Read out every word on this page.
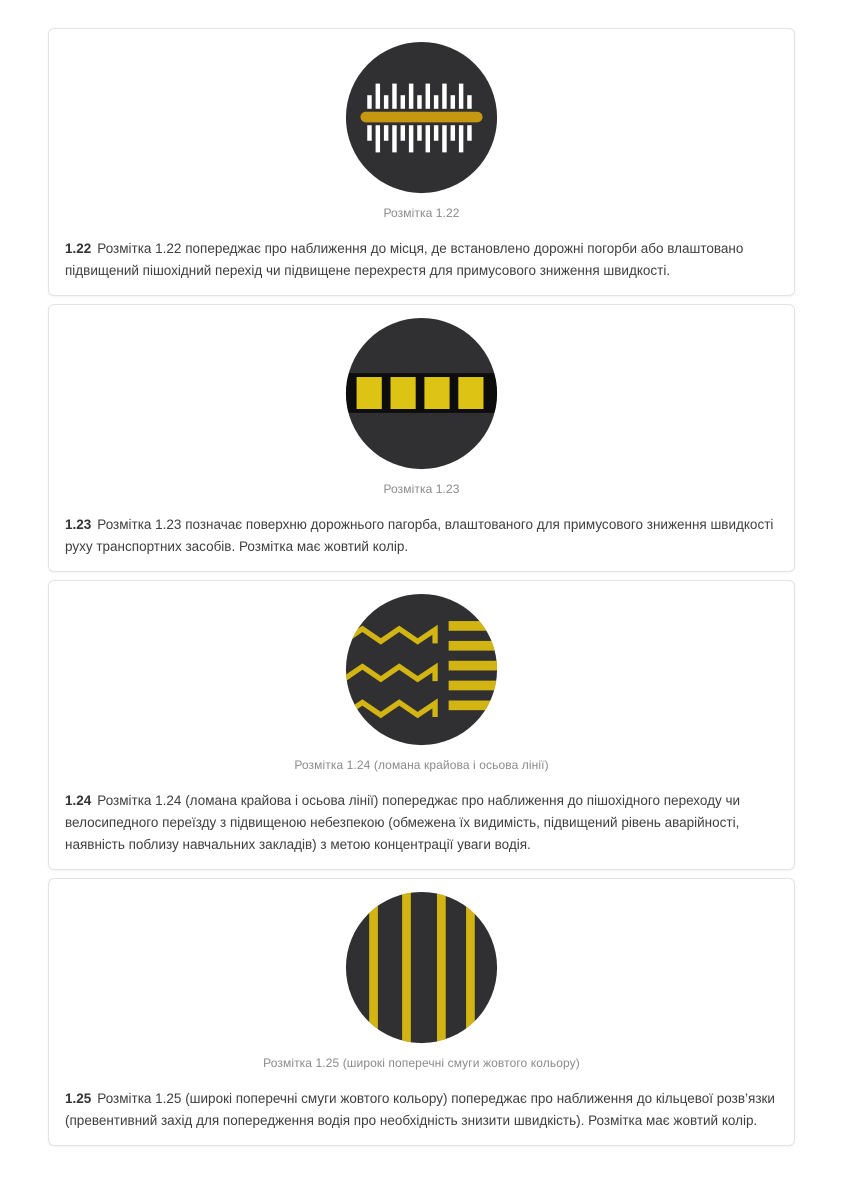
Розмітка 1.22

1.22 Розмітка 1.22 попереджає про наближення до місця, де встановлено дорожні погорби або влаштовано підвищений пішохідний перехід чи підвищене перехрестя для примусового зниження швидкості.

Розмітка 1.23

1.23 Розмітка 1.23 позначає поверхню дорожнього пагорба, влаштованого для примусового зниження швидкості руху транспортних засобів. Розмітка має жовтий колір.

Розмітка 1.24 (ломана крайова і осьова лінії)

1.24 Розмітка 1.24 (ломана крайова і осьова лінії) попереджає про наближення до пішохідного переходу чи велосипедного переїзду з підвищеною небезпекою (обмежена їх видимість, підвищений рівень аварійності, наявність поблизу навчальних закладів) з метою концентрації уваги водія.

Розмітка 1.25 (широкі поперечні смуги жовтого кольору)

1.25 Розмітка 1.25 (широкі поперечні смуги жовтого кольору) попереджає про наближення до кільцевої розв’язки (превентивний захід для попередження водія про необхідність знизити швидкість). Розмітка має жовтий колір.
